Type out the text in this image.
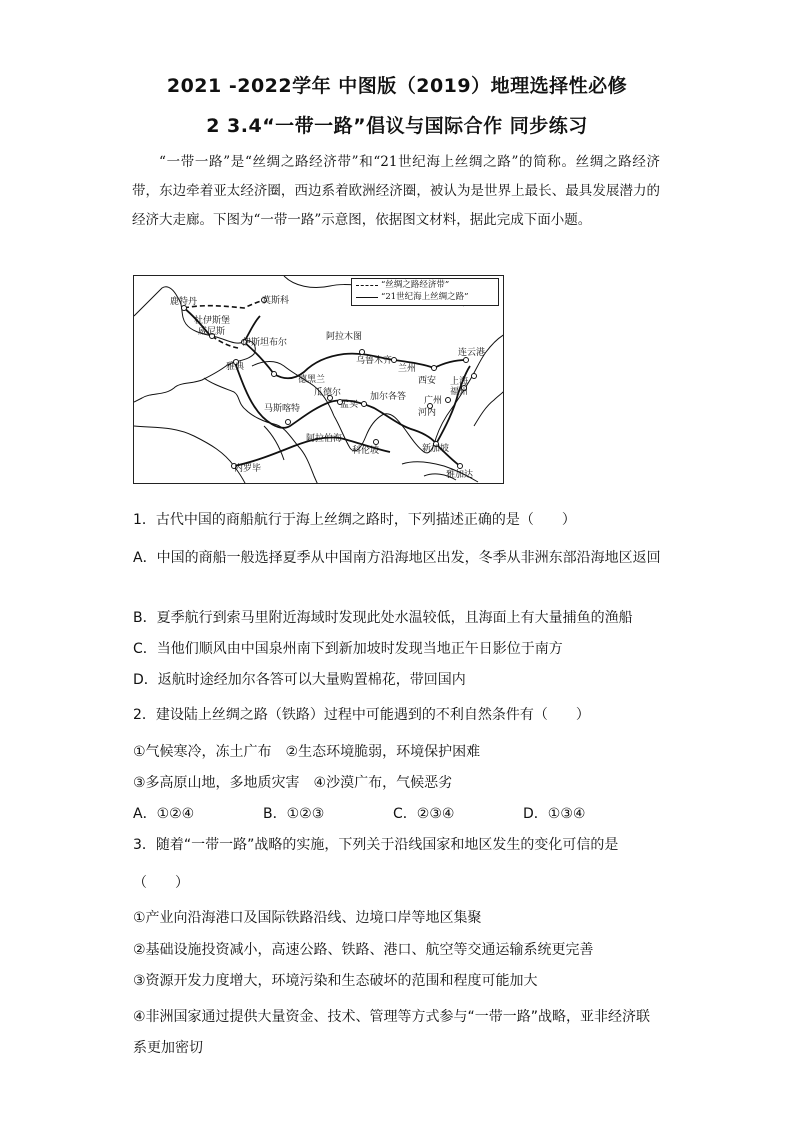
2021 -2022学年 中图版（2019）地理选择性必修
2 3.4“一带一路”倡议与国际合作 同步练习

“一带一路”是“丝绸之路经济带”和“21世纪海上丝绸之路”的简称。丝绸之路经济带，东边牵着亚太经济圈，西边系着欧洲经济圈，被认为是世界上最长、最具发展潜力的经济大走廊。下图为“一带一路”示意图，依据图文材料，据此完成下面小题。

“丝绸之路经济带”
“21世纪海上丝绸之路”
鹿特丹	莫斯科
杜伊斯堡
威尼斯
伊斯坦布尔
雅典
阿拉木图
乌鲁木齐
连云港
德黑兰
兰州
西安 上海
福州
瓜德尔	加尔各答 广州
马斯喀特	孟买
河内
阿拉伯海
科伦坡	新加坡
内罗毕
雅加达

1．古代中国的商船航行于海上丝绸之路时，下列描述正确的是（　　）

A．中国的商船一般选择夏季从中国南方沿海地区出发，冬季从非洲东部沿海地区返回

B．夏季航行到索马里附近海域时发现此处水温较低，且海面上有大量捕鱼的渔船

C．当他们顺风由中国泉州南下到新加坡时发现当地正午日影位于南方

D．返航时途经加尔各答可以大量购置棉花，带回国内

2．建设陆上丝绸之路（铁路）过程中可能遇到的不利自然条件有（　　）

①气候寒冷，冻土广布　②生态环境脆弱，环境保护困难

③多高原山地，多地质灾害　④沙漠广布，气候恶劣

A．①②④	B．①②③	C．②③④	D．①③④

3．随着“一带一路”战略的实施，下列关于沿线国家和地区发生的变化可信的是

（　　）

①产业向沿海港口及国际铁路沿线、边境口岸等地区集聚

②基础设施投资减小，高速公路、铁路、港口、航空等交通运输系统更完善

③资源开发力度增大，环境污染和生态破坏的范围和程度可能加大

④非洲国家通过提供大量资金、技术、管理等方式参与“一带一路”战略，亚非经济联系更加密切
